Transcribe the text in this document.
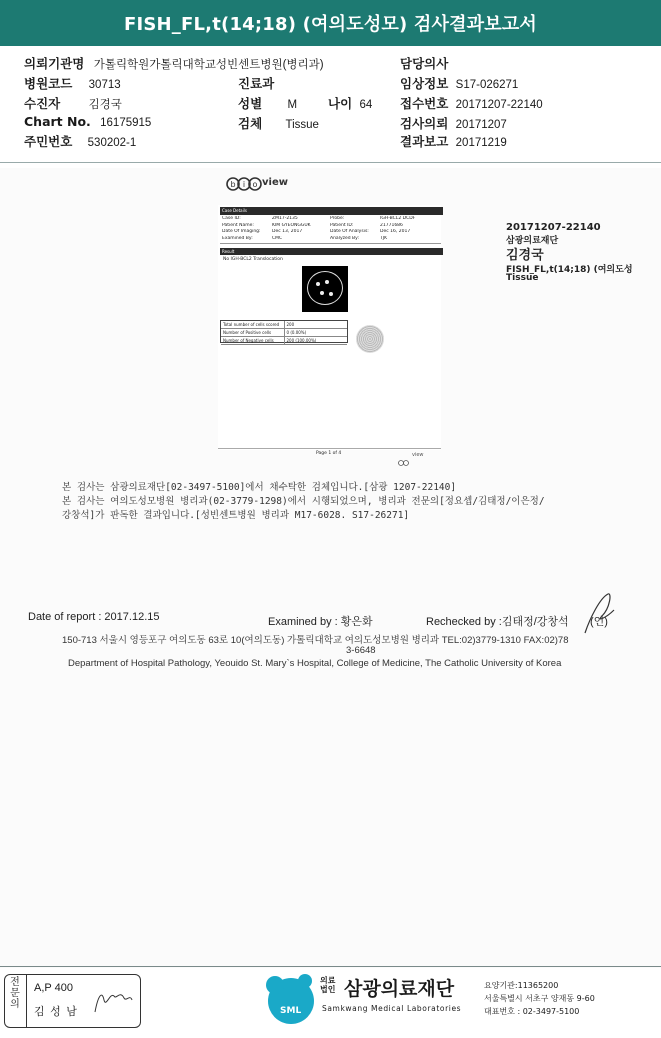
FISH_FL,t(14;18) (여의도성모) 검사결과보고서
의뢰기관명 가톨릭학원가톨릭대학교성빈센트병원(병리과)	담당의사
병원코드 30713	진료과	임상정보 S17-026271
수진자 김경국	성별 M 나이 64 접수번호 20171207-22140
Chart No. 16175915	검체 Tissue	검사의뢰 20171207
주민번호 530202-1	결과보고 20171219
b i o view
Case Details
Case ID:	ZM17-2135	Probe:	IGH-BCL2 DCDF
Patient Name:	KIM GYEONGGUK	Patient ID:	21771686
Date Of Imaging:	Dec 13, 2017	Date Of Analysis:	Dec 16, 2017
Examined By:	CMC	Analyzed By:	TJK
Result
No IGH-BCL2 Translocation
Total number of cells scored	200
Number of Positive cells	0 (0.00%)
Number of Negative cells	200 (100.00%)
Page 1 of 4	view
20171207-22140
삼광의료재단
김경국
FISH_FL,t(14;18) (여의도성
Tissue
본 검사는 삼광의료재단[02-3497-5100]에서 채수탁한 검체입니다.[삼광 1207-22140]
본 검사는 여의도성모병원 병리과(02-3779-1298)에서 시행되었으며, 병리과 전문의[정요셉/김태정/이은정/
강창석]가 판독한 결과입니다.[성빈센트병원 병리과 M17-6028. S17-26271]
Date of report : 2017.12.15	Examined by : 황은화	Rechecked by :김태정/강창석 (인)
150-713 서울시 영등포구 여의도동 63로 10(여의도동) 가톨릭대학교 여의도성모병원 병리과 TEL:02)3779-1310 FAX:02)78
3-6648
Department of Hospital Pathology, Yeouido St. Mary`s Hospital, College of Medicine, The Catholic University of Korea
전
문
의
A,P 400
김 성 남	SML
의료
법인 삼광의료재단
Samkwang Medical Laboratories
요양기관:11365200
서울특별시 서초구 양재동 9-60
대표번호 : 02-3497-5100
